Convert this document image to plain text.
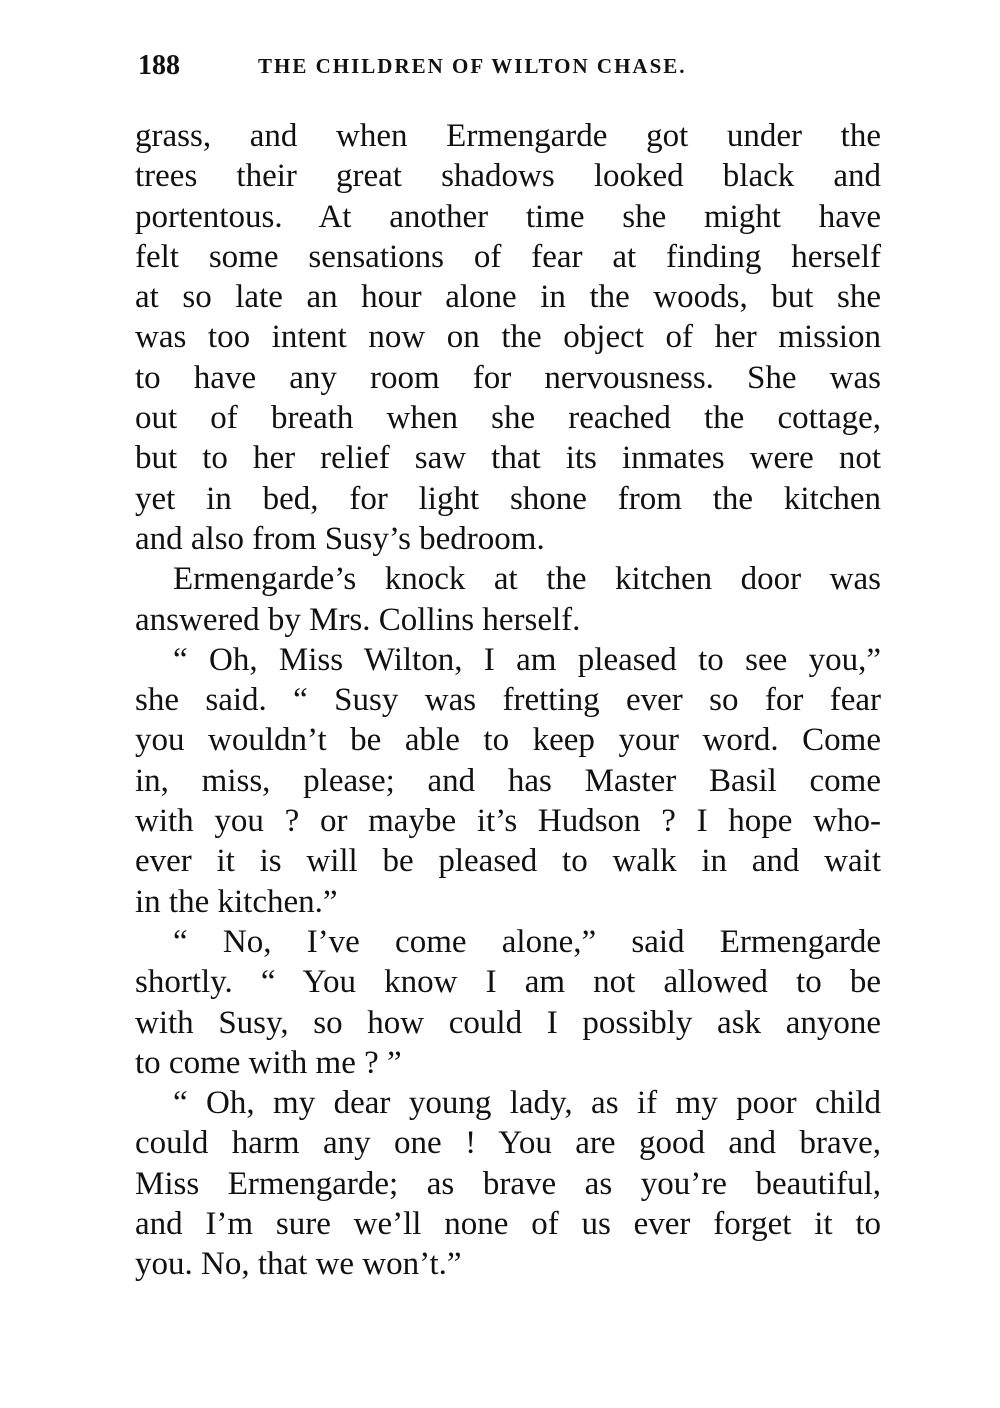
188	THE CHILDREN OF WILTON CHASE.
grass, and when Ermengarde got under the
trees their great shadows looked black and
portentous. At another time she might have
felt some sensations of fear at finding herself
at so late an hour alone in the woods, but she
was too intent now on the object of her mission
to have any room for nervousness. She was
out of breath when she reached the cottage,
but to her relief saw that its inmates were not
yet in bed, for light shone from the kitchen
and also from Susy’s bedroom.
Ermengarde’s knock at the kitchen door was
answered by Mrs. Collins herself.
“ Oh, Miss Wilton, I am pleased to see you,”
she said. “ Susy was fretting ever so for fear
you wouldn’t be able to keep your word. Come
in, miss, please; and has Master Basil come
with you ? or maybe it’s Hudson ? I hope who-
ever it is will be pleased to walk in and wait
in the kitchen.”
“ No, I’ve come alone,” said Ermengarde
shortly. “ You know I am not allowed to be
with Susy, so how could I possibly ask anyone
to come with me ? ”
“ Oh, my dear young lady, as if my poor child
could harm any one ! You are good and brave,
Miss Ermengarde; as brave as you’re beautiful,
and I’m sure we’ll none of us ever forget it to
you. No, that we won’t.”
